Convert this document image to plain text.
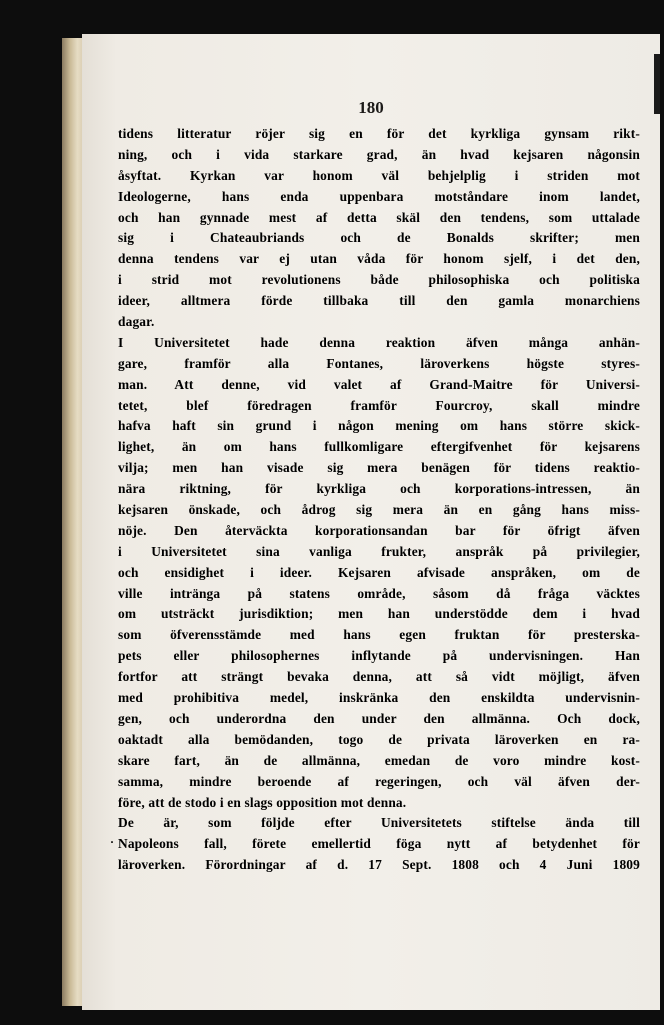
180
·
tidens litteratur röjer sig en för det kyrkliga gynsam rikt-
ning, och i vida starkare grad, än hvad kejsaren någonsin
åsyftat. Kyrkan var honom väl behjelplig i striden mot
Ideologerne, hans enda uppenbara motståndare inom landet,
och han gynnade mest af detta skäl den tendens, som uttalade
sig i Chateaubriands och de Bonalds skrifter; men
denna tendens var ej utan våda för honom sjelf, i det den,
i strid mot revolutionens både philosophiska och politiska
ideer, alltmera förde tillbaka till den gamla monarchiens
dagar.
I Universitetet hade denna reaktion äfven många anhän-
gare, framför alla Fontanes, läroverkens högste styres-
man. Att denne, vid valet af Grand-Maitre för Universi-
tetet, blef föredragen framför Fourcroy, skall mindre
hafva haft sin grund i någon mening om hans större skick-
lighet, än om hans fullkomligare eftergifvenhet för kejsarens
vilja; men han visade sig mera benägen för tidens reaktio-
nära riktning, för kyrkliga och korporations-intressen, än
kejsaren önskade, och ådrog sig mera än en gång hans miss-
nöje. Den återväckta korporationsandan bar för öfrigt äfven
i Universitetet sina vanliga frukter, anspråk på privilegier,
och ensidighet i ideer. Kejsaren afvisade anspråken, om de
ville inträngа på statens område, såsom då fråga väcktes
om utsträckt jurisdiktion; men han understödde dem i hvad
som öfverensstämde med hans egen fruktan för presterska-
pets eller philosophernes inflytande på undervisningen. Han
fortfor att strängt bevaka denna, att så vidt möjligt, äfven
med prohibitiva medel, inskränka den enskildta undervisnin-
gen, och underordna den under den allmänna. Och dock,
oaktadt alla bemödanden, togo de privata läroverken en ra-
skare fart, än de allmänna, emedan de voro mindre kost-
samma, mindre beroende af regeringen, och väl äfven der-
före, att de stodo i en slags opposition mot denna.
De är, som följde efter Universitetets stiftelse ända till
Napoleons fall, förete emellertid föga nytt af betydenhet för
läroverken. Förordningar af d. 17 Sept. 1808 och 4 Juni 1809
